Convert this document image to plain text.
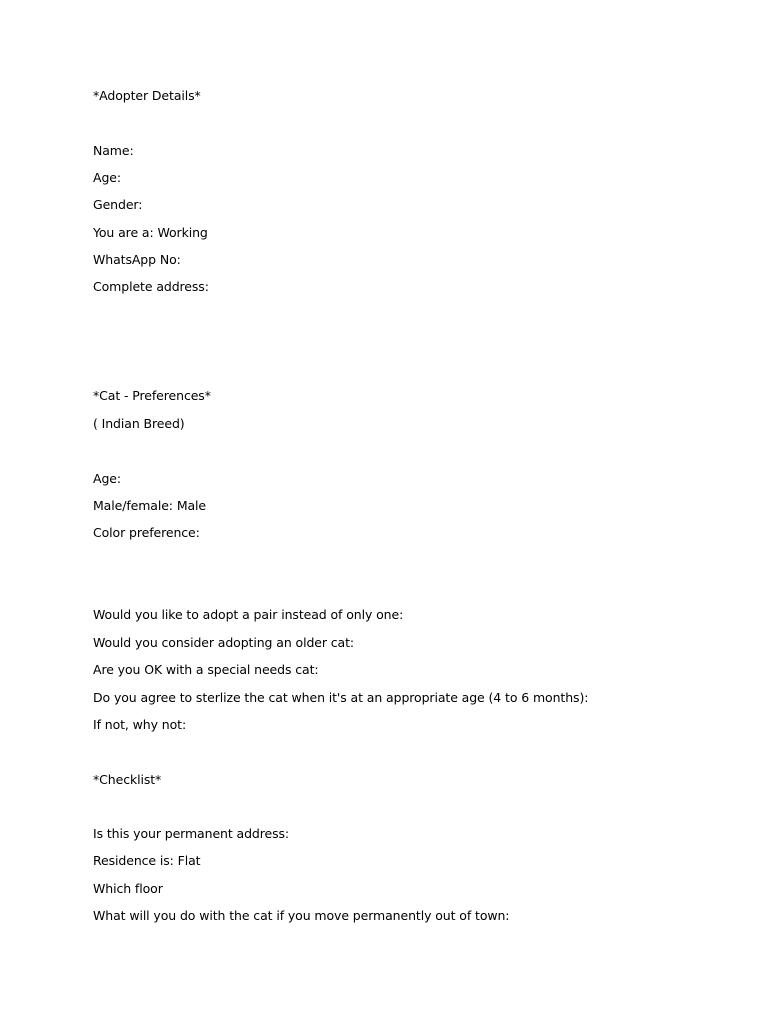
*Adopter Details*
Name:
Age:
Gender:
You are a: Working
WhatsApp No:
Complete address:
*Cat - Preferences*
( Indian Breed)
Age:
Male/female: Male
Color preference:
Would you like to adopt a pair instead of only one:
Would you consider adopting an older cat:
Are you OK with a special needs cat:
Do you agree to sterlize the cat when it's at an appropriate age (4 to 6 months):
If not, why not:
*Checklist*
Is this your permanent address:
Residence is: Flat
Which floor
What will you do with the cat if you move permanently out of town:
